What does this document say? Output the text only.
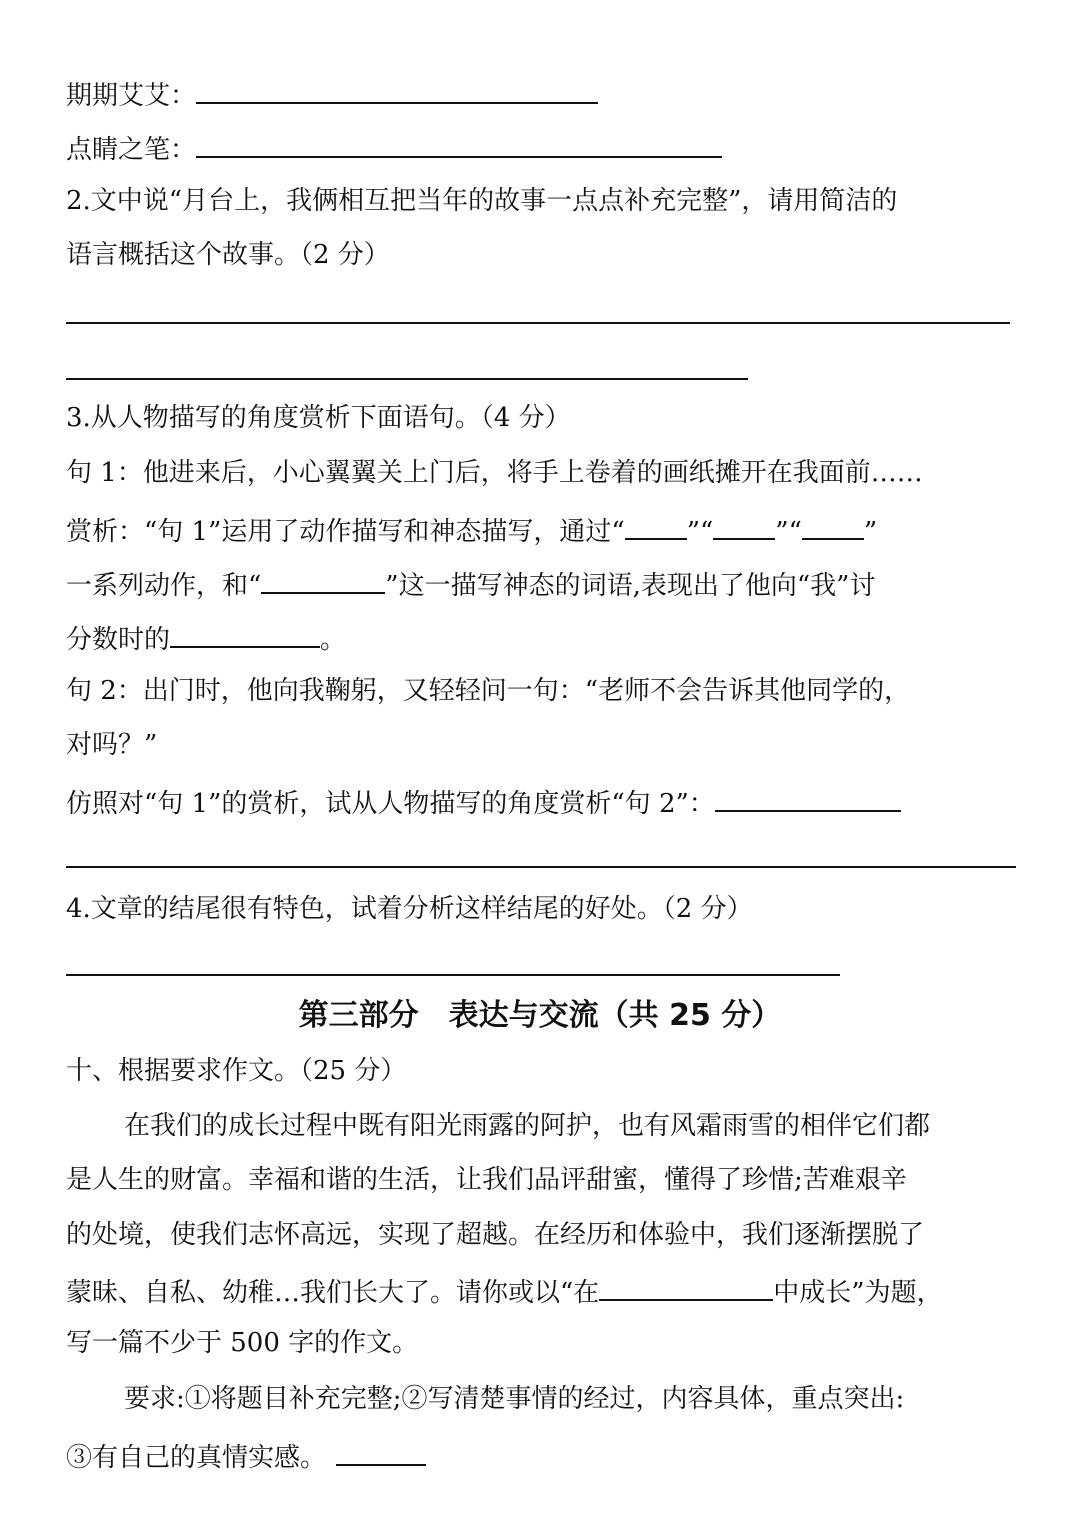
期期艾艾：
点睛之笔：
2.文中说“月台上，我俩相互把当年的故事一点点补充完整”，请用简洁的
语言概括这个故事。（2 分）
3.从人物描写的角度赏析下面语句。（4 分）
句 1：他进来后，小心翼翼关上门后，将手上卷着的画纸摊开在我面前……
赏析：“句 1”运用了动作描写和神态描写，通过“ ”“ ”“ ”
一系列动作，和“	”这一描写神态的词语,表现出了他向“我”讨
分数时的	。
句 2：出门时，他向我鞠躬，又轻轻问一句：“老师不会告诉其他同学的，
对吗？”
仿照对“句 1”的赏析，试从人物描写的角度赏析“句 2”：
4.文章的结尾很有特色，试着分析这样结尾的好处。（2 分）
第三部分　表达与交流（共 25 分）
十、根据要求作文。（25 分）
在我们的成长过程中既有阳光雨露的阿护，也有风霜雨雪的相伴它们都
是人生的财富。幸福和谐的生活，让我们品评甜蜜，懂得了珍惜;苦难艰辛
的处境，使我们志怀高远，实现了超越。在经历和体验中，我们逐渐摆脱了
蒙昧、自私、幼稚…我们长大了。请你或以“在	中成长”为题，
写一篇不少于 500 字的作文。
要求:①将题目补充完整;②写清楚事情的经过，内容具体，重点突出:
③有自己的真情实感。
